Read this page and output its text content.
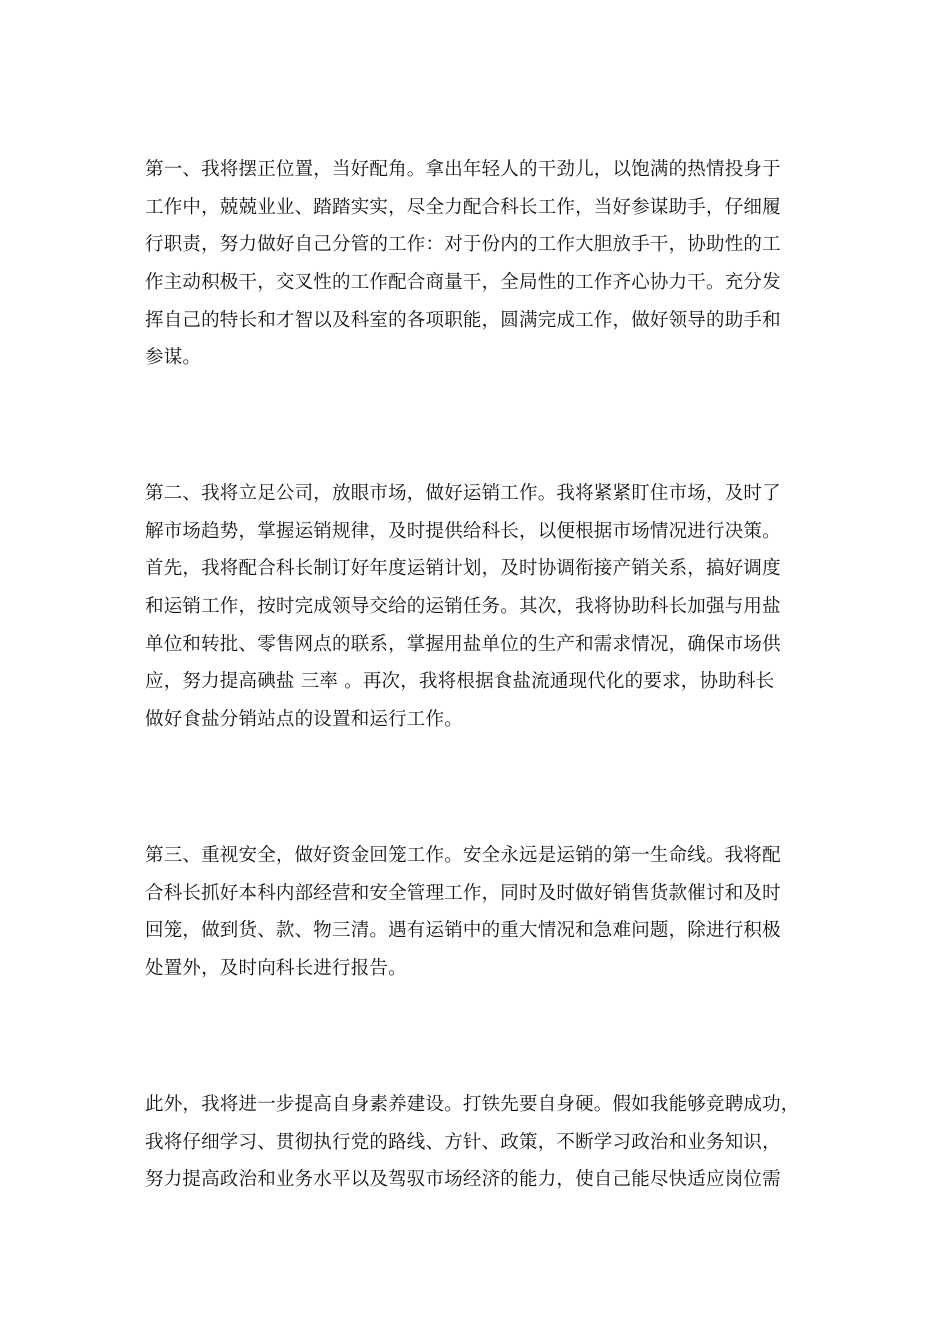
第一、我将摆正位置，当好配角。拿出年轻人的干劲儿，以饱满的热情投身于
工作中，兢兢业业、踏踏实实，尽全力配合科长工作，当好参谋助手，仔细履
行职责，努力做好自己分管的工作：对于份内的工作大胆放手干，协助性的工
作主动积极干，交叉性的工作配合商量干，全局性的工作齐心协力干。充分发
挥自己的特长和才智以及科室的各项职能，圆满完成工作，做好领导的助手和
参谋。
第二、我将立足公司，放眼市场，做好运销工作。我将紧紧盯住市场，及时了
解市场趋势，掌握运销规律，及时提供给科长，以便根据市场情况进行决策。
首先，我将配合科长制订好年度运销计划，及时协调衔接产销关系，搞好调度
和运销工作，按时完成领导交给的运销任务。其次，我将协助科长加强与用盐
单位和转批、零售网点的联系，掌握用盐单位的生产和需求情况，确保市场供
应，努力提高碘盐 三率 。再次，我将根据食盐流通现代化的要求，协助科长
做好食盐分销站点的设置和运行工作。
第三、重视安全，做好资金回笼工作。安全永远是运销的第一生命线。我将配
合科长抓好本科内部经营和安全管理工作，同时及时做好销售货款催讨和及时
回笼，做到货、款、物三清。遇有运销中的重大情况和急难问题，除进行积极
处置外，及时向科长进行报告。
此外，我将进一步提高自身素养建设。打铁先要自身硬。假如我能够竞聘成功，
我将仔细学习、贯彻执行党的路线、方针、政策，不断学习政治和业务知识，
努力提高政治和业务水平以及驾驭市场经济的能力，使自己能尽快适应岗位需
